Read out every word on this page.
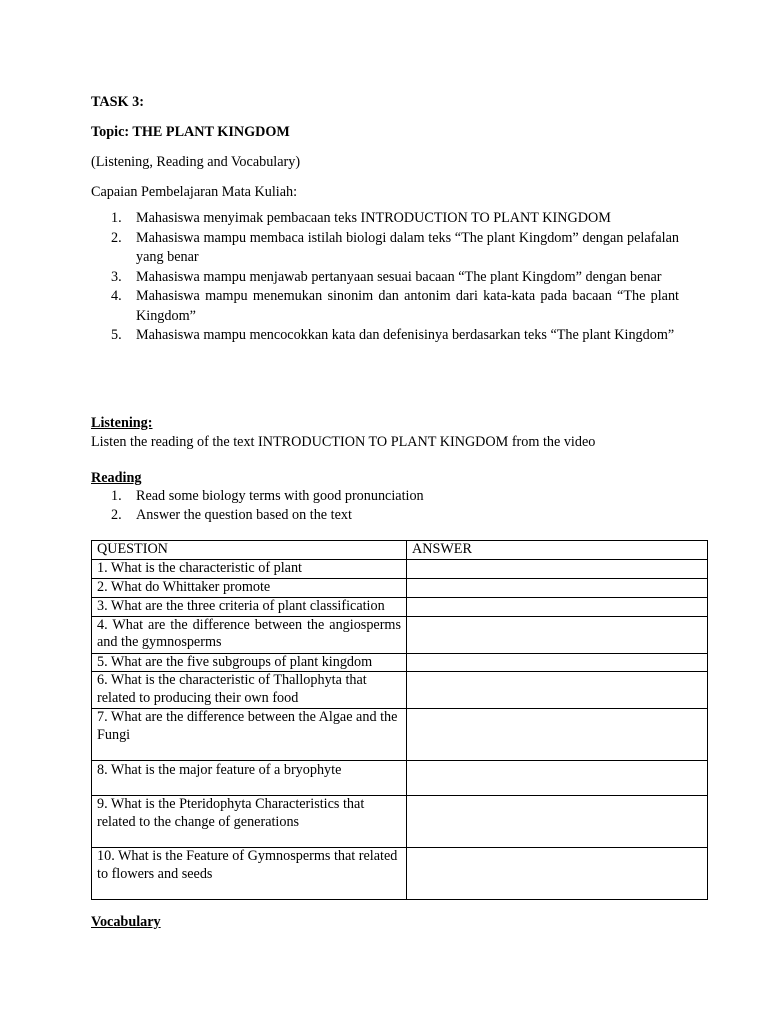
TASK 3:
Topic: THE PLANT KINGDOM
(Listening, Reading and Vocabulary)
Capaian Pembelajaran Mata Kuliah:
1. Mahasiswa menyimak pembacaan teks INTRODUCTION TO PLANT KINGDOM
2. Mahasiswa mampu membaca istilah biologi dalam teks “The plant Kingdom” dengan pelafalan yang benar
3. Mahasiswa mampu menjawab pertanyaan sesuai bacaan “The plant Kingdom” dengan benar
4. Mahasiswa mampu menemukan sinonim dan antonim dari kata-kata pada bacaan “The plant Kingdom”
5. Mahasiswa mampu mencocokkan kata dan defenisinya berdasarkan teks “The plant Kingdom”
Listening:
Listen the reading of the text INTRODUCTION TO PLANT KINGDOM from the video
Reading
1. Read some biology terms with good pronunciation
2. Answer the question based on the text
QUESTION	ANSWER
1. What is the characteristic of plant	
2. What do Whittaker promote	
3. What are the three criteria of plant classification	
4. What are the difference between the angiosperms and the gymnosperms	
5. What are the five subgroups of plant kingdom	
6. What is the characteristic of Thallophyta that related to producing their own food	
7. What are the difference between the Algae and the Fungi	
8. What is the major feature of a bryophyte	
9. What is the Pteridophyta Characteristics that related to the change of generations	
10. What is the Feature of Gymnosperms that related to flowers and seeds	
Vocabulary
